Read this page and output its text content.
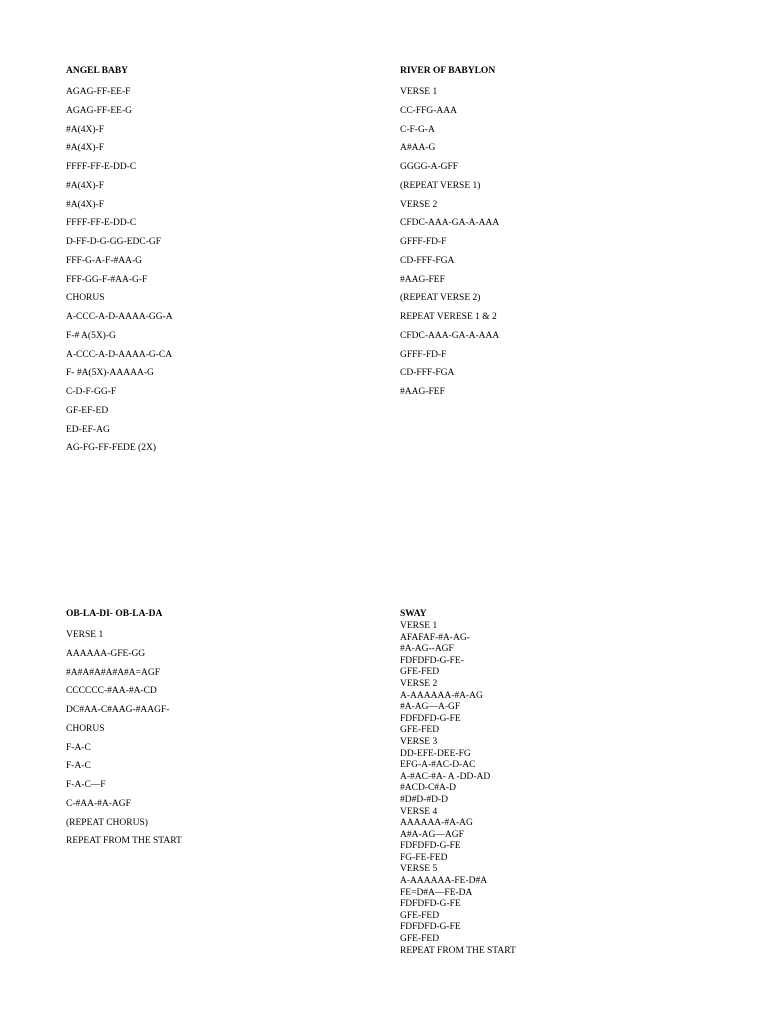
ANGEL BABY
AGAG-FF-EE-F
AGAG-FF-EE-G
#A(4X)-F
#A(4X)-F
FFFF-FF-E-DD-C
#A(4X)-F
#A(4X)-F
FFFF-FF-E-DD-C
D-FF-D-G-GG-EDC-GF
FFF-G-A-F-#AA-G
FFF-GG-F-#AA-G-F
CHORUS
A-CCC-A-D-AAAA-GG-A
F-# A(5X)-G
A-CCC-A-D-AAAA-G-CA
F- #A(5X)-AAAAA-G
C-D-F-GG-F
GF-EF-ED
ED-EF-AG
AG-FG-FF-FEDE (2X)
RIVER OF BABYLON
VERSE 1
CC-FFG-AAA
C-F-G-A
A#AA-G
GGGG-A-GFF
(REPEAT VERSE 1)
VERSE 2
CFDC-AAA-GA-A-AAA
GFFF-FD-F
CD-FFF-FGA
#AAG-FEF
(REPEAT VERSE 2)
REPEAT VERESE 1 & 2
CFDC-AAA-GA-A-AAA
GFFF-FD-F
CD-FFF-FGA
#AAG-FEF
OB-LA-DI- OB-LA-DA
VERSE 1
AAAAAA-GFE-GG
#A#A#A#A#A#A=AGF
CCCCCC-#AA-#A-CD
DC#AA-C#AAG-#AAGF-
CHORUS
F-A-C
F-A-C
F-A-C—F
C-#AA-#A-AGF
(REPEAT CHORUS)
REPEAT FROM THE START
SWAY
VERSE 1
AFAFAF-#A-AG-
#A-AG--AGF
FDFDFD-G-FE-
GFE-FED
VERSE 2
A-AAAAAA-#A-AG
#A-AG—A-GF
FDFDFD-G-FE
GFE-FED
VERSE 3
DD-EFE-DEE-FG
EFG-A-#AC-D-AC
A-#AC-#A- A -DD-AD
#ACD-C#A-D
#D#D-#D-D
VERSE 4
AAAAAA-#A-AG
A#A-AG—AGF
FDFDFD-G-FE
FG-FE-FED
VERSE 5
A-AAAAAA-FE-D#A
FE=D#A—FE-DA
FDFDFD-G-FE
GFE-FED
FDFDFD-G-FE
GFE-FED
REPEAT FROM THE START
